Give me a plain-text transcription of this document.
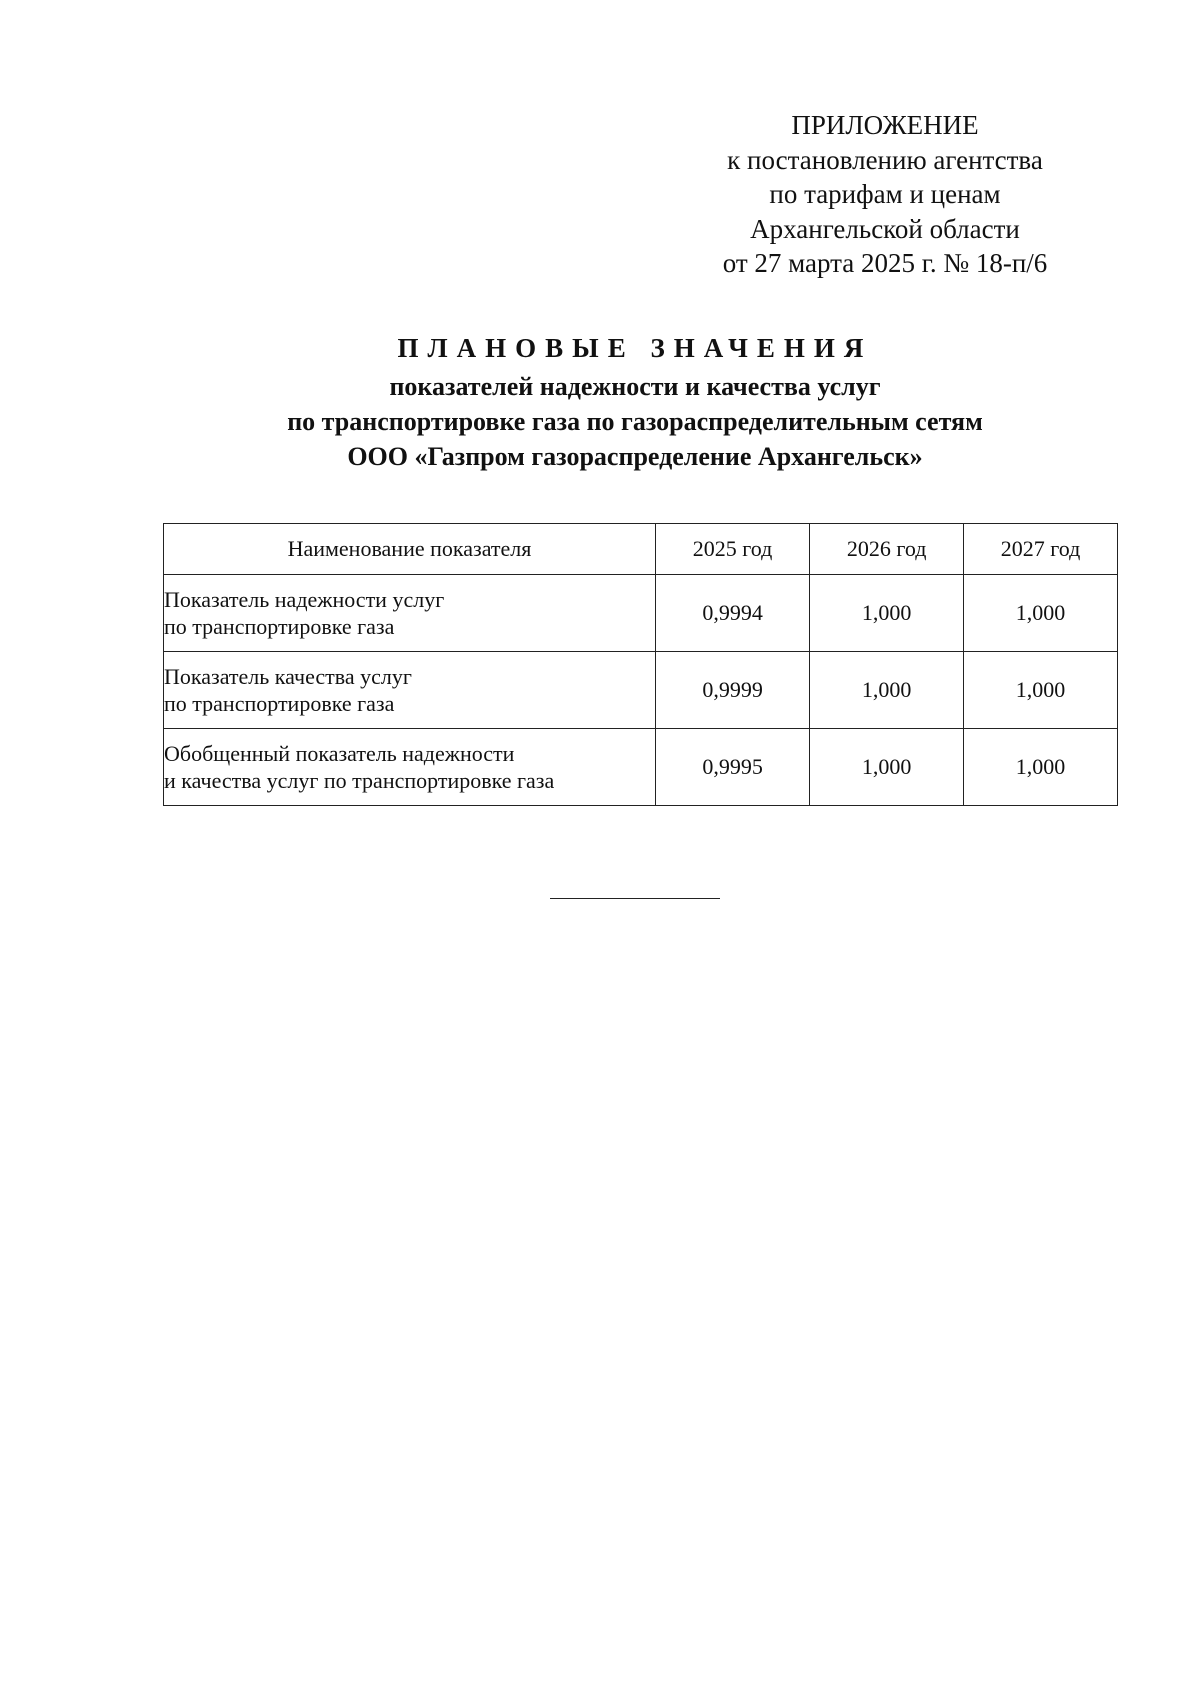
ПРИЛОЖЕНИЕ
к постановлению агентства
по тарифам и ценам
Архангельской области
от 27 марта 2025 г. № 18-п/6
ПЛАНОВЫЕ ЗНАЧЕНИЯ
показателей надежности и качества услуг
по транспортировке газа по газораспределительным сетям
ООО «Газпром газораспределение Архангельск»
Наименование показателя	2025 год	2026 год	2027 год

Показатель надежности услуг
по транспортировке газа	0,9994	1,000	1,000

Показатель качества услуг
по транспортировке газа	0,9999	1,000	1,000

Обобщенный показатель надежности
и качества услуг по транспортировке газа	0,9995	1,000	1,000
